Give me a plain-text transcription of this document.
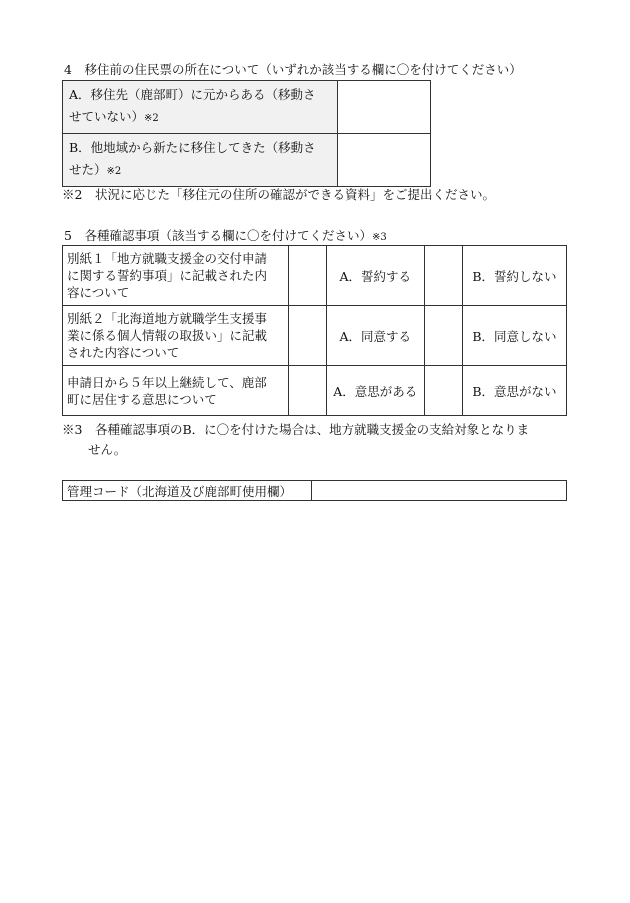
4　移住前の住民票の所在について（いずれか該当する欄に〇を付けてください）
A．移住先（鹿部町）に元からある（移動さ
せていない）※2	

B．他地域から新たに移住してきた（移動さ
せた）※2	

※2　状況に応じた「移住元の住所の確認ができる資料」をご提出ください。
5　各種確認事項（該当する欄に〇を付けてください）※3
別紙１「地方就職支援金の交付申請
に関する誓約事項」に記載された内
容について		A．誓約する		B．誓約しない

別紙２「北海道地方就職学生支援事
業に係る個人情報の取扱い」に記載
された内容について		A．同意する		B．同意しない

申請日から５年以上継続して、鹿部
町に居住する意思について		A．意思がある		B．意思がない
※3　各種確認事項のB．に〇を付けた場合は、地方就職支援金の支給対象となりま
せん。
管理コード（北海道及び鹿部町使用欄）	
